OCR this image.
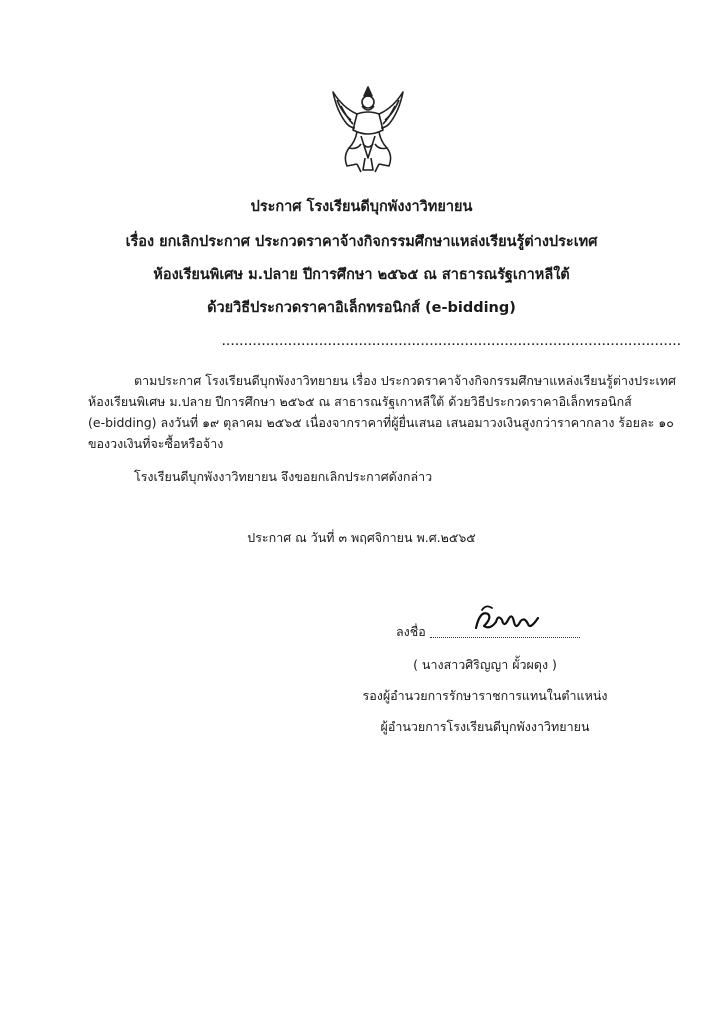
ประกาศ โรงเรียนดีบุกพังงาวิทยายน
เรื่อง ยกเลิกประกาศ ประกวดราคาจ้างกิจกรรมศึกษาแหล่งเรียนรู้ต่างประเทศ
ห้องเรียนพิเศษ ม.ปลาย ปีการศึกษา ๒๕๖๕ ณ สาธารณรัฐเกาหลีใต้
ด้วยวิธีประกวดราคาอิเล็กทรอนิกส์ (e-bidding)
........................................................................................................
ตามประกาศ โรงเรียนดีบุกพังงาวิทยายน เรื่อง ประกวดราคาจ้างกิจกรรมศึกษาแหล่งเรียนรู้ต่างประเทศ
ห้องเรียนพิเศษ ม.ปลาย ปีการศึกษา ๒๕๖๕ ณ สาธารณรัฐเกาหลีใต้ ด้วยวิธีประกวดราคาอิเล็กทรอนิกส์
(e-bidding) ลงวันที่ ๑๙ ตุลาคม ๒๕๖๕ เนื่องจากราคาที่ผู้ยื่นเสนอ เสนอมาวงเงินสูงกว่าราคากลาง ร้อยละ ๑๐
ของวงเงินที่จะซื้อหรือจ้าง
โรงเรียนดีบุกพังงาวิทยายน จึงขอยกเลิกประกาศดังกล่าว
ประกาศ ณ วันที่ ๓ พฤศจิกายน พ.ศ.๒๕๖๕
ลงชื่อ
( นางสาวศิริญญา ผั้วผดุง )
รองผู้อำนวยการรักษาราชการแทนในตำแหน่ง
ผู้อำนวยการโรงเรียนดีบุกพังงาวิทยายน
